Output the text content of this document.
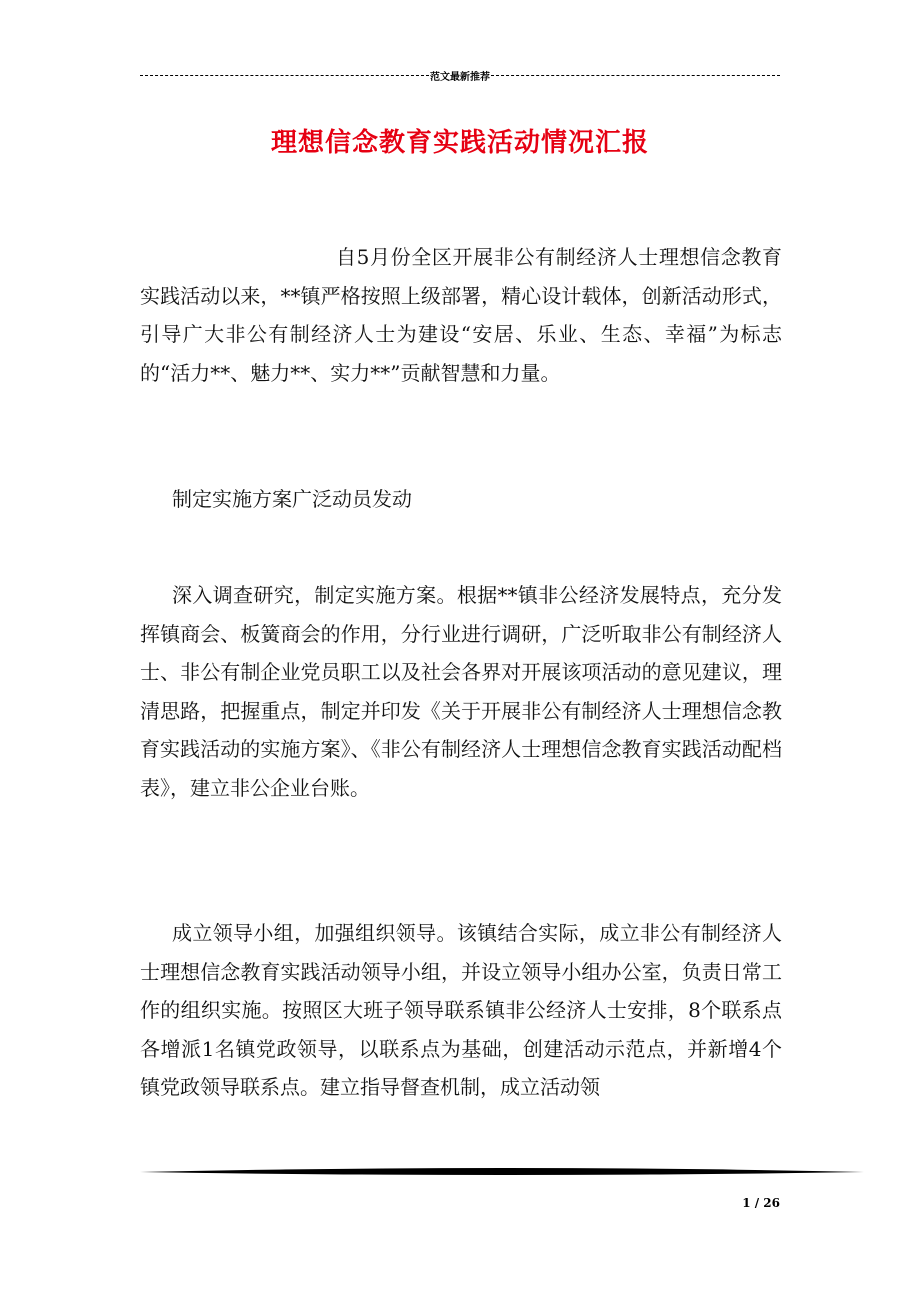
范文最新推荐
理想信念教育实践活动情况汇报

自5月份全区开展非公有制经济人士理想信念教育实践活动以来，**镇严格按照上级部署，精心设计载体，创新活动形式，引导广大非公有制经济人士为建设“安居、乐业、生态、幸福”为标志的“活力**、魅力**、实力**”贡献智慧和力量。

制定实施方案广泛动员发动

深入调查研究，制定实施方案。根据**镇非公经济发展特点，充分发挥镇商会、板簧商会的作用，分行业进行调研，广泛听取非公有制经济人士、非公有制企业党员职工以及社会各界对开展该项活动的意见建议，理清思路，把握重点，制定并印发《关于开展非公有制经济人士理想信念教育实践活动的实施方案》、《非公有制经济人士理想信念教育实践活动配档表》，建立非公企业台账。

成立领导小组，加强组织领导。该镇结合实际，成立非公有制经济人士理想信念教育实践活动领导小组，并设立领导小组办公室，负责日常工作的组织实施。按照区大班子领导联系镇非公经济人士安排，8个联系点各增派1名镇党政领导，以联系点为基础，创建活动示范点，并新增4个镇党政领导联系点。建立指导督查机制，成立活动领

1 / 26
